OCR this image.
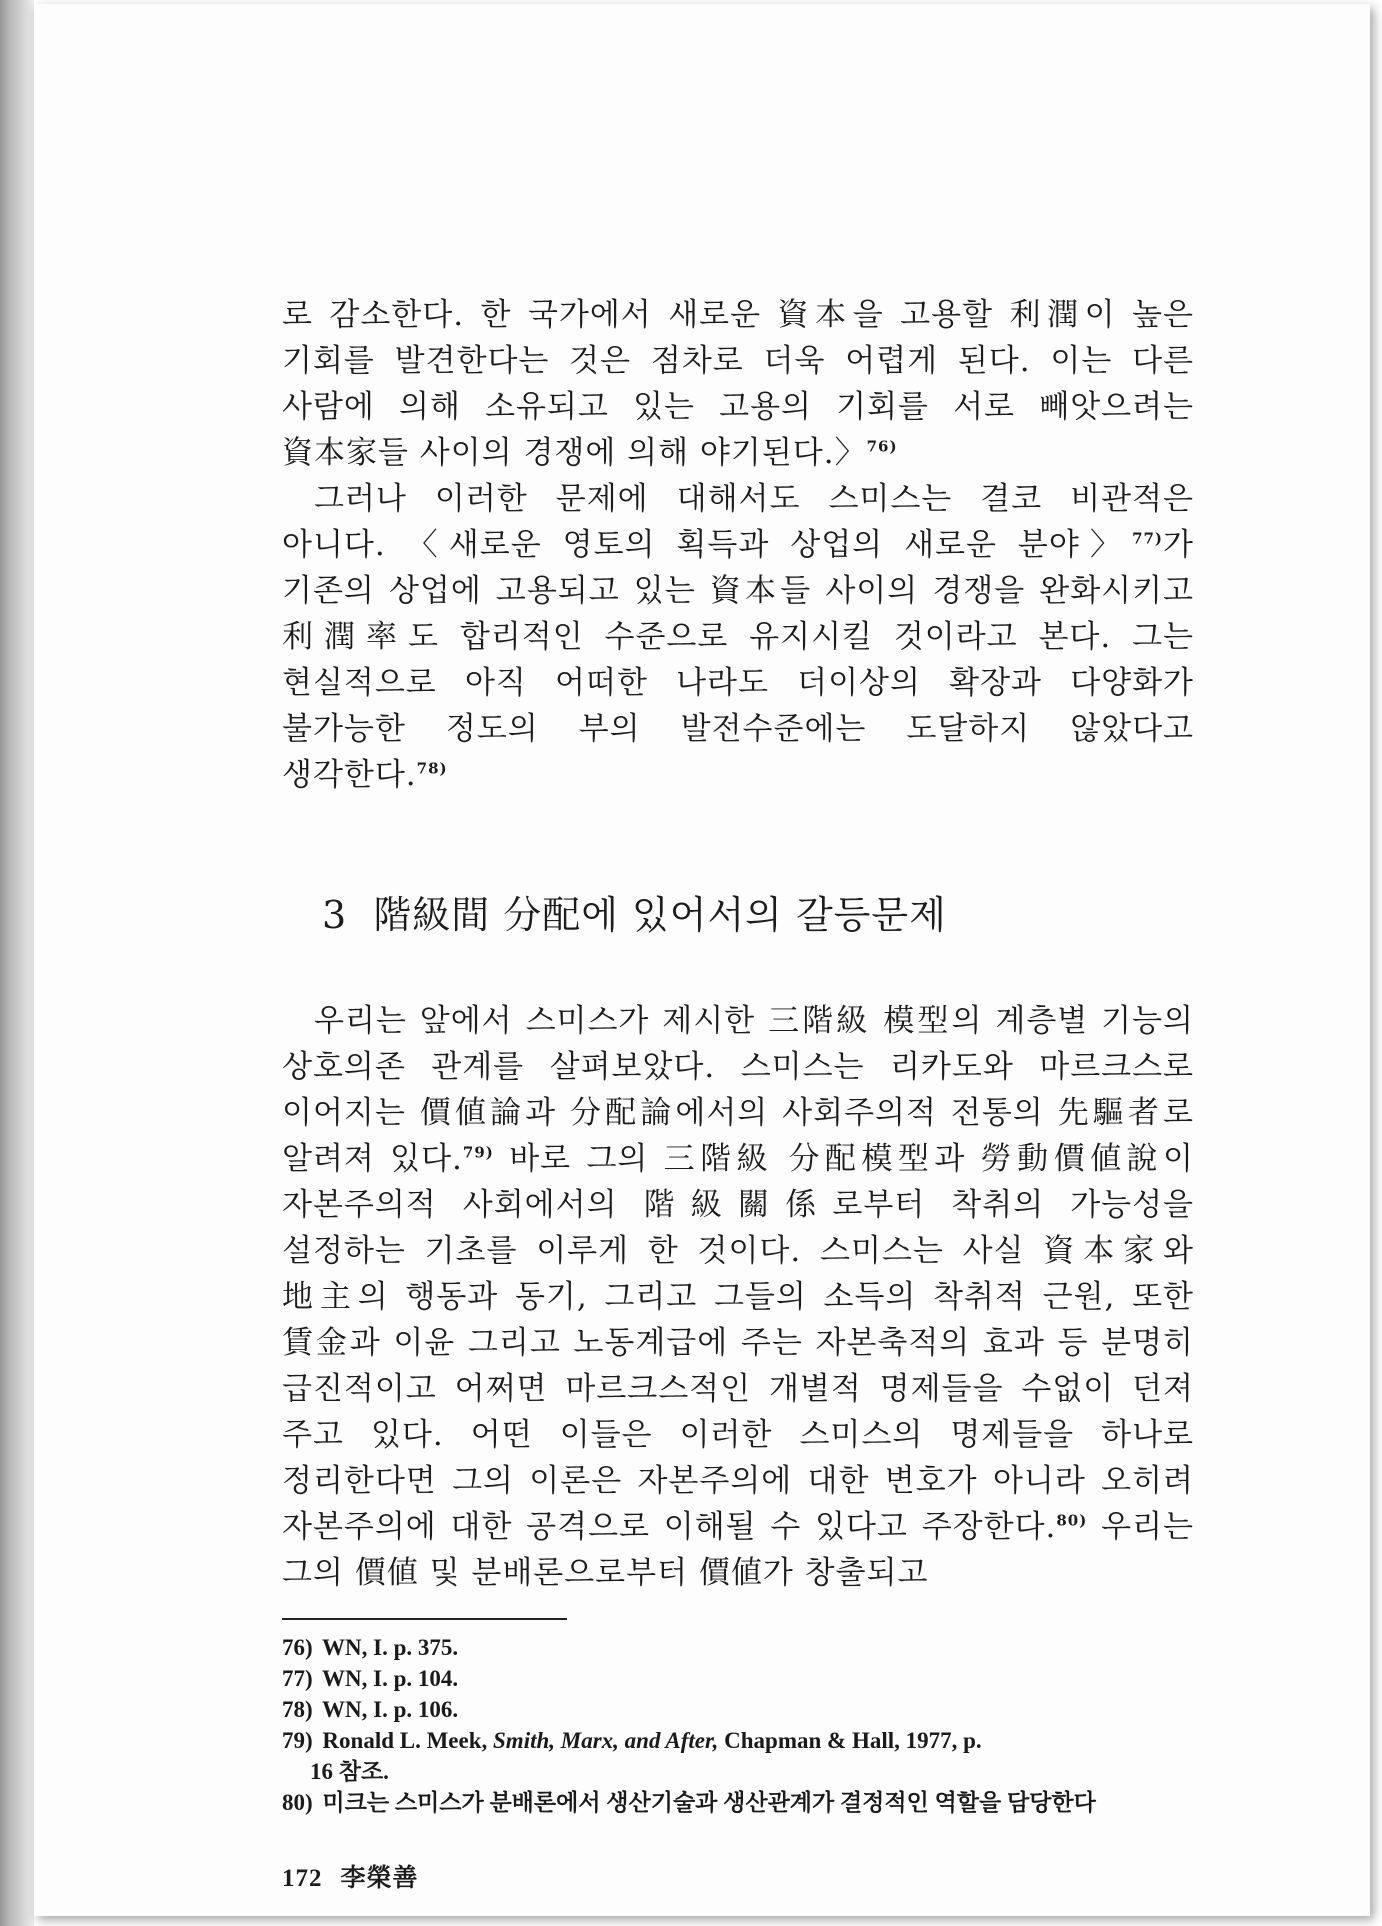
로 감소한다. 한 국가에서 새로운 資本을 고용할 利潤이 높은 기회를 발견한다는 것은 점차로 더욱 어렵게 된다. 이는 다른 사람에 의해 소유되고 있는 고용의 기회를 서로 빼앗으려는 資本家들 사이의 경쟁에 의해 야기된다.〉$^{76)}$

그러나 이러한 문제에 대해서도 스미스는 결코 비관적은 아니다. 〈새로운 영토의 획득과 상업의 새로운 분야〉$^{77)}$가 기존의 상업에 고용되고 있는 資本들 사이의 경쟁을 완화시키고 利潤率도 합리적인 수준으로 유지시킬 것이라고 본다. 그는 현실적으로 아직 어떠한 나라도 더이상의 확장과 다양화가 불가능한 정도의 부의 발전수준에는 도달하지 않았다고 생각한다.$^{78)}$

3 階級間 分配에 있어서의 갈등문제

우리는 앞에서 스미스가 제시한 三階級 模型의 계층별 기능의 상호의존 관계를 살펴보았다. 스미스는 리카도와 마르크스로 이어지는 價値論과 分配論에서의 사회주의적 전통의 先驅者로 알려져 있다.$^{79)}$ 바로 그의 三階級 分配模型과 勞動價値說이 자본주의적 사회에서의 階級關係로부터 착취의 가능성을 설정하는 기초를 이루게 한 것이다. 스미스는 사실 資本家와 地主의 행동과 동기, 그리고 그들의 소득의 착취적 근원, 또한 賃金과 이윤 그리고 노동계급에 주는 자본축적의 효과 등 분명히 급진적이고 어쩌면 마르크스적인 개별적 명제들을 수없이 던져 주고 있다. 어떤 이들은 이러한 스미스의 명제들을 하나로 정리한다면 그의 이론은 자본주의에 대한 변호가 아니라 오히려 자본주의에 대한 공격으로 이해될 수 있다고 주장한다.$^{80)}$ 우리는 그의 價値 및 분배론으로부터 價値가 창출되고

76) WN, I. p. 375.

77) WN, I. p. 104.

78) WN, I. p. 106.

79) Ronald L. Meek, Smith, Marx, and After, Chapman & Hall, 1977, p.

16 참조.

80) 미크는 스미스가 분배론에서 생산기술과 생산관계가 결정적인 역할을 담당한다

172 李榮善
